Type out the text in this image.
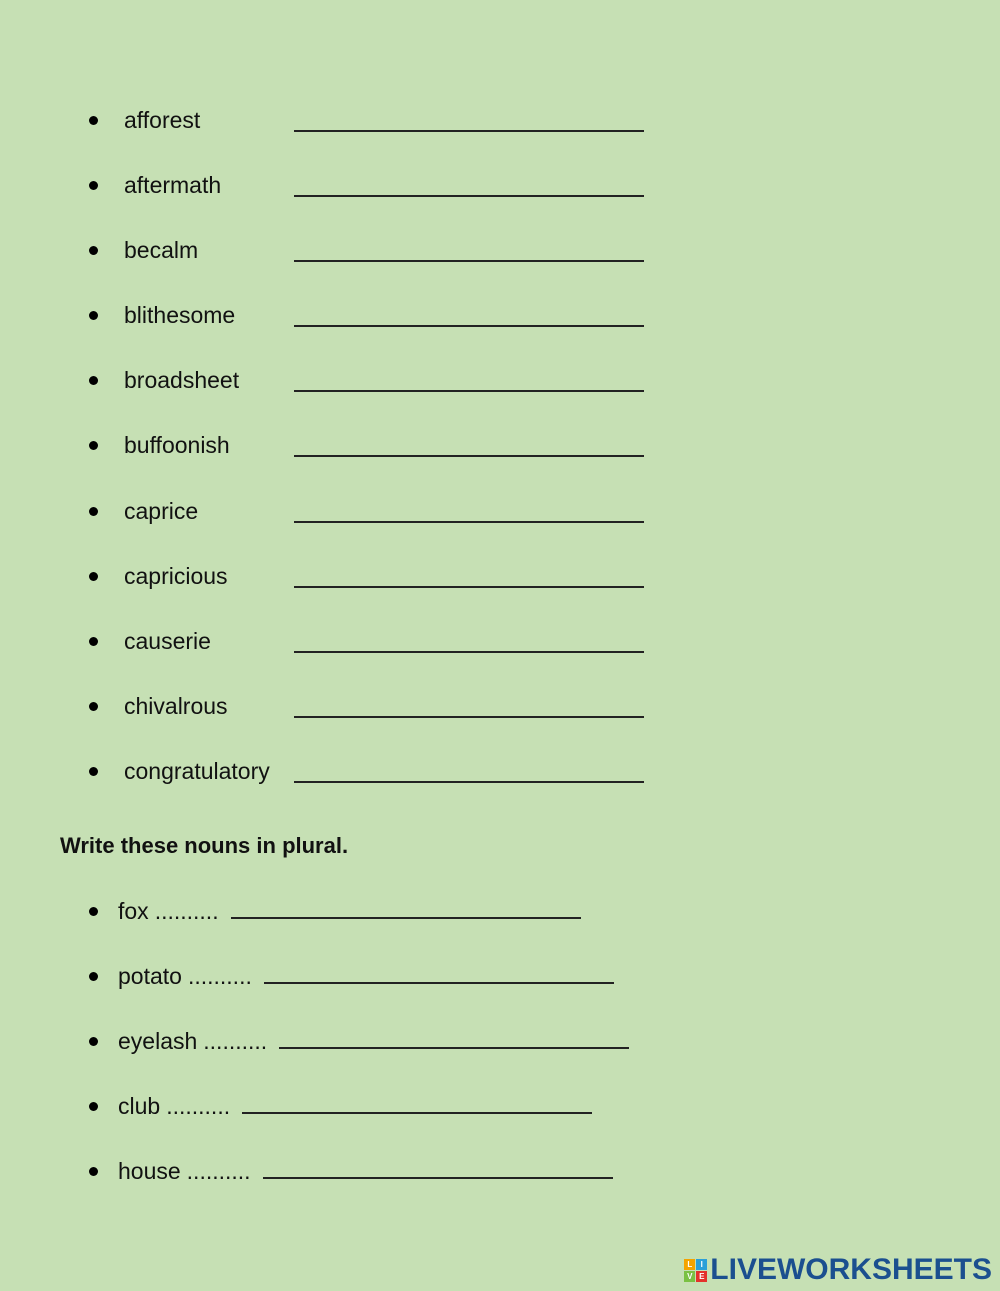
afforest
aftermath
becalm
blithesome
broadsheet
buffoonish
caprice
capricious
causerie
chivalrous
congratulatory
Write these nouns in plural.
fox ..........
potato ..........
eyelash ..........
club ..........
house ..........
L	I
V E LIVEWORKSHEETS
